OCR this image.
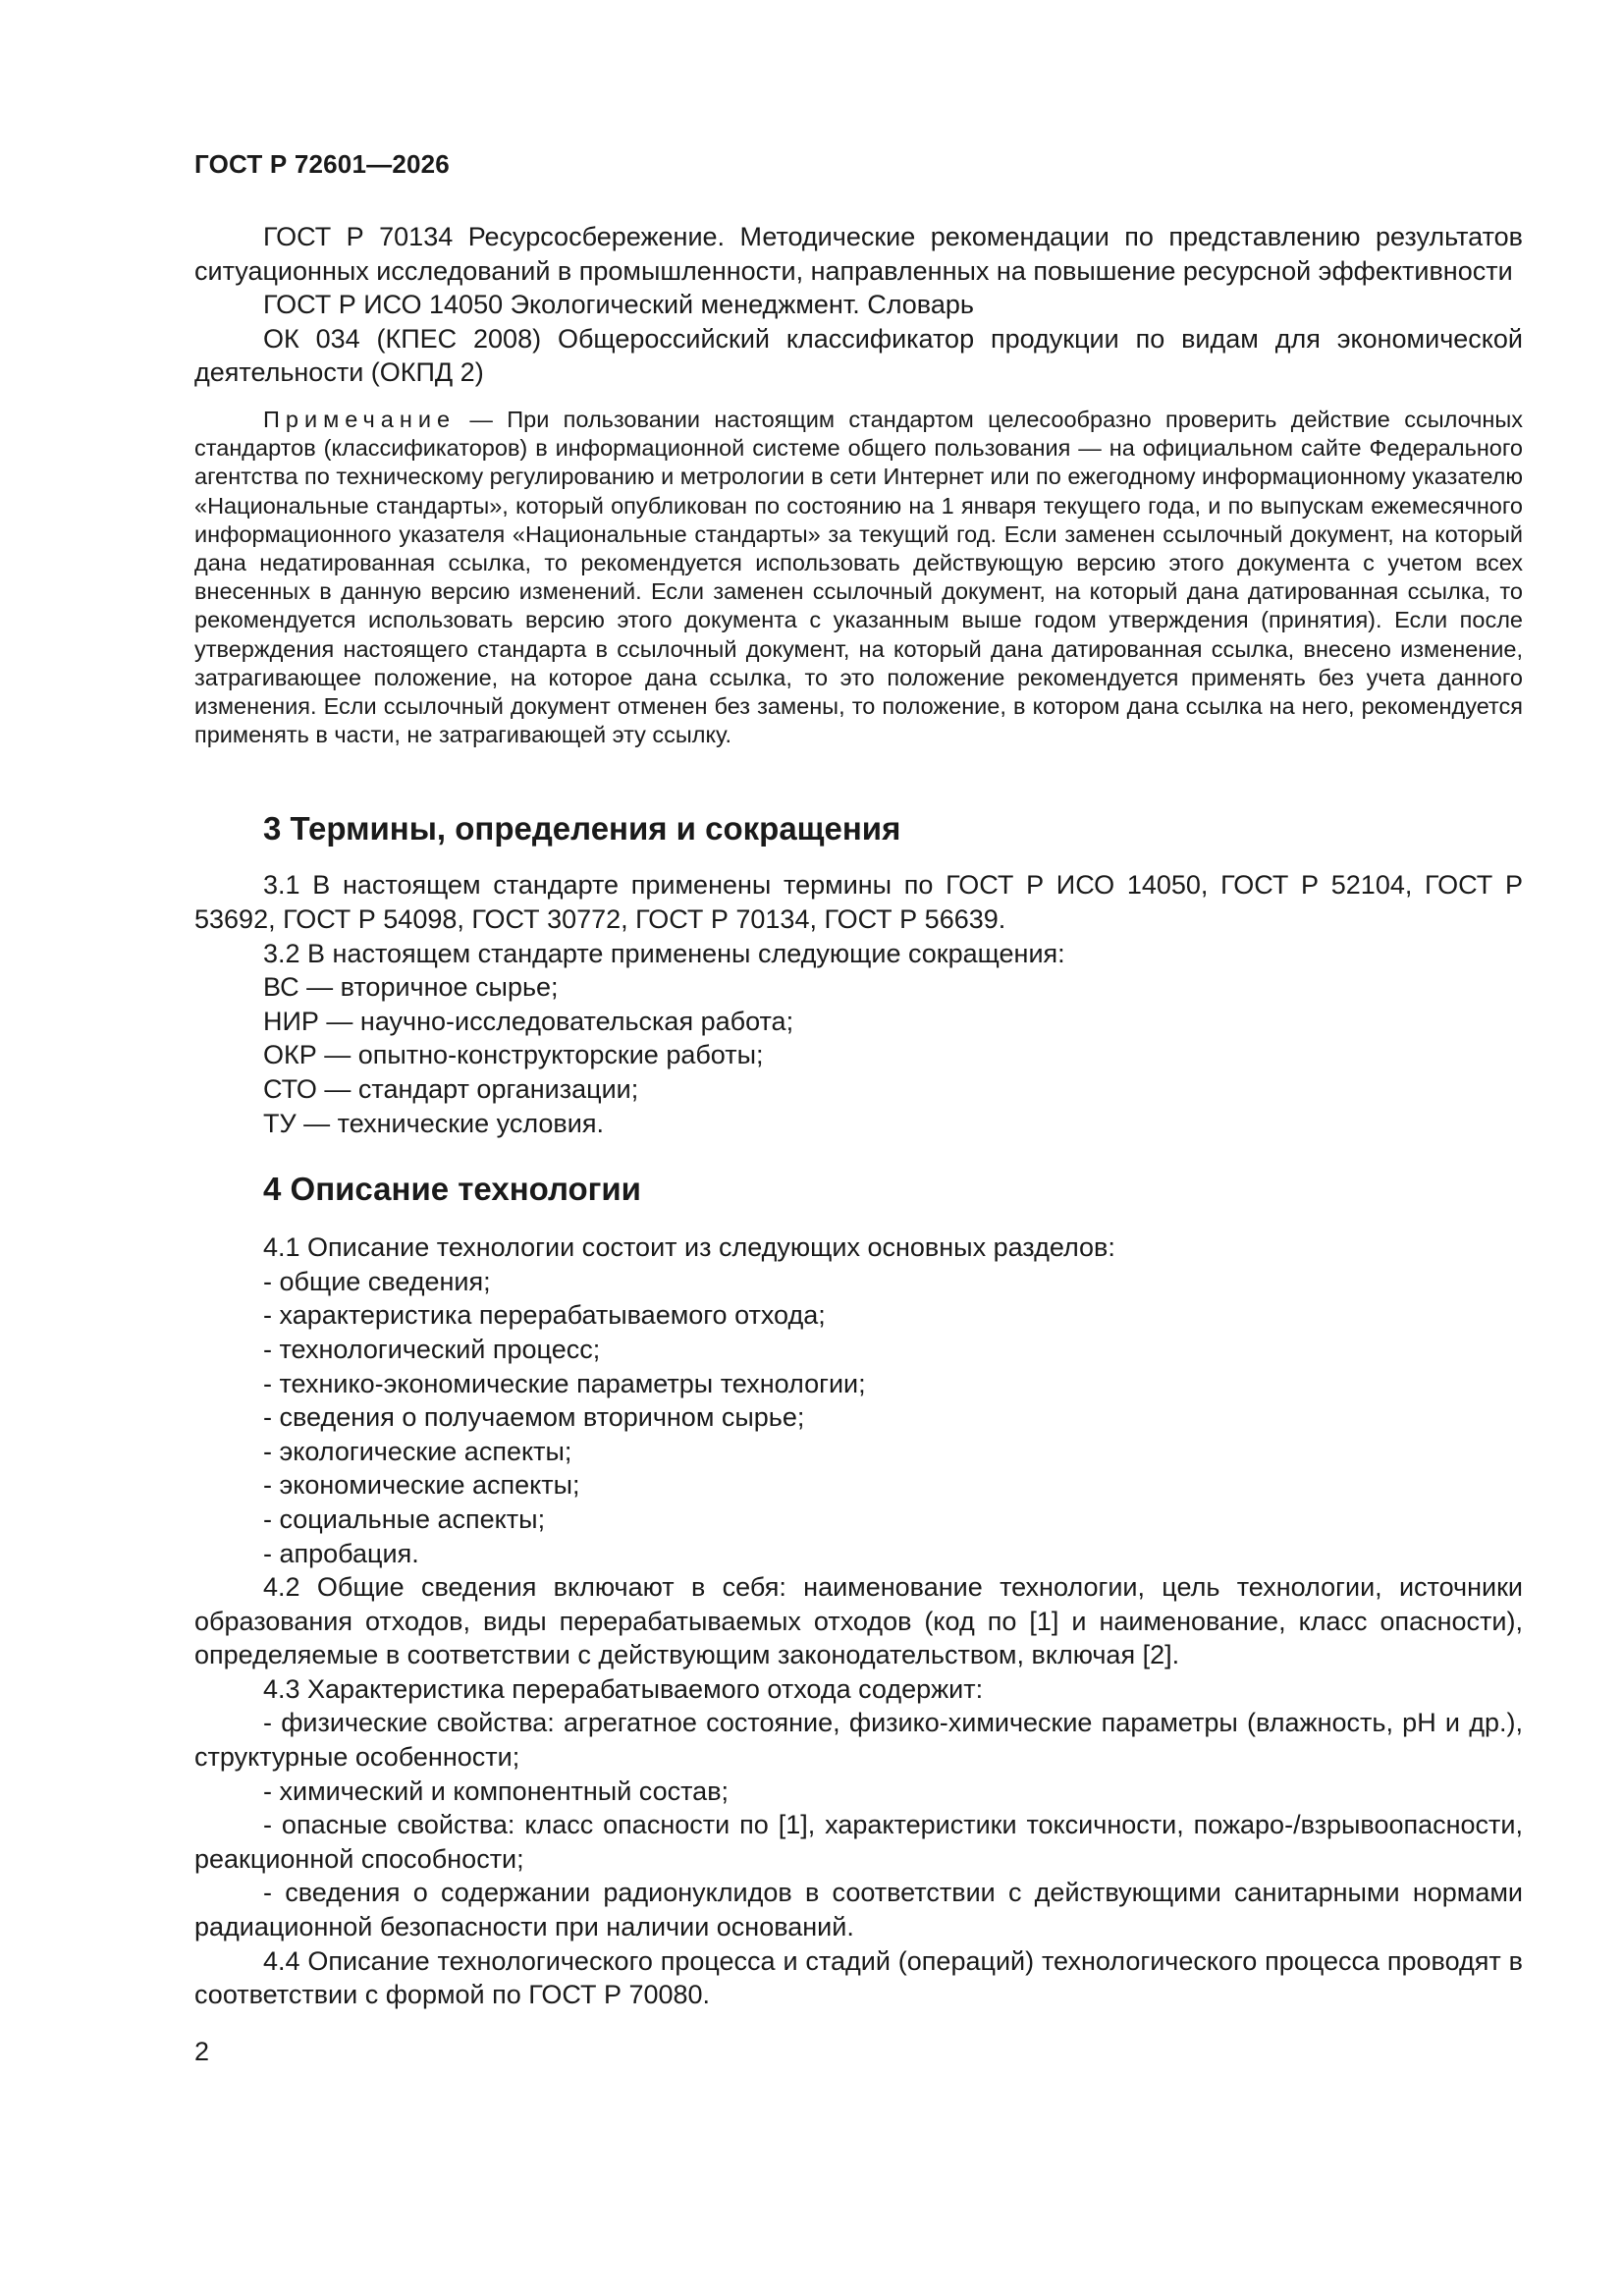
ГОСТ Р 72601—2026

ГОСТ Р 70134 Ресурсосбережение. Методические рекомендации по представлению результатов ситуационных исследований в промышленности, направленных на повышение ресурсной эффективности

ГОСТ Р ИСО 14050 Экологический менеджмент. Словарь

ОК 034 (КПЕС 2008) Общероссийский классификатор продукции по видам для экономической деятельности (ОКПД 2)

Примечание — При пользовании настоящим стандартом целесообразно проверить действие ссылочных стандартов (классификаторов) в информационной системе общего пользования — на официальном сайте Федерального агентства по техническому регулированию и метрологии в сети Интернет или по ежегодному информационному указателю «Национальные стандарты», который опубликован по состоянию на 1 января текущего года, и по выпускам ежемесячного информационного указателя «Национальные стандарты» за текущий год. Если заменен ссылочный документ, на который дана недатированная ссылка, то рекомендуется использовать действующую версию этого документа с учетом всех внесенных в данную версию изменений. Если заменен ссылочный документ, на который дана датированная ссылка, то рекомендуется использовать версию этого документа с указанным выше годом утверждения (принятия). Если после утверждения настоящего стандарта в ссылочный документ, на который дана датированная ссылка, внесено изменение, затрагивающее положение, на которое дана ссылка, то это положение рекомендуется применять без учета данного изменения. Если ссылочный документ отменен без замены, то положение, в котором дана ссылка на него, рекомендуется применять в части, не затрагивающей эту ссылку.

3 Термины, определения и сокращения

3.1 В настоящем стандарте применены термины по ГОСТ Р ИСО 14050, ГОСТ Р 52104, ГОСТ Р 53692, ГОСТ Р 54098, ГОСТ 30772, ГОСТ Р 70134, ГОСТ Р 56639.

3.2 В настоящем стандарте применены следующие сокращения:

ВС — вторичное сырье;

НИР — научно-исследовательская работа;

ОКР — опытно-конструкторские работы;

СТО — стандарт организации;

ТУ — технические условия.

4 Описание технологии

4.1 Описание технологии состоит из следующих основных разделов:

- общие сведения;

- характеристика перерабатываемого отхода;

- технологический процесс;

- технико-экономические параметры технологии;

- сведения о получаемом вторичном сырье;

- экологические аспекты;

- экономические аспекты;

- социальные аспекты;

- апробация.

4.2 Общие сведения включают в себя: наименование технологии, цель технологии, источники образования отходов, виды перерабатываемых отходов (код по [1] и наименование, класс опасности), определяемые в соответствии с действующим законодательством, включая [2].

4.3 Характеристика перерабатываемого отхода содержит:

- физические свойства: агрегатное состояние, физико-химические параметры (влажность, рН и др.), структурные особенности;

- химический и компонентный состав;

- опасные свойства: класс опасности по [1], характеристики токсичности, пожаро-/взрывоопасности, реакционной способности;

- сведения о содержании радионуклидов в соответствии с действующими санитарными нормами радиационной безопасности при наличии оснований.

4.4 Описание технологического процесса и стадий (операций) технологического процесса проводят в соответствии с формой по ГОСТ Р 70080.

2
